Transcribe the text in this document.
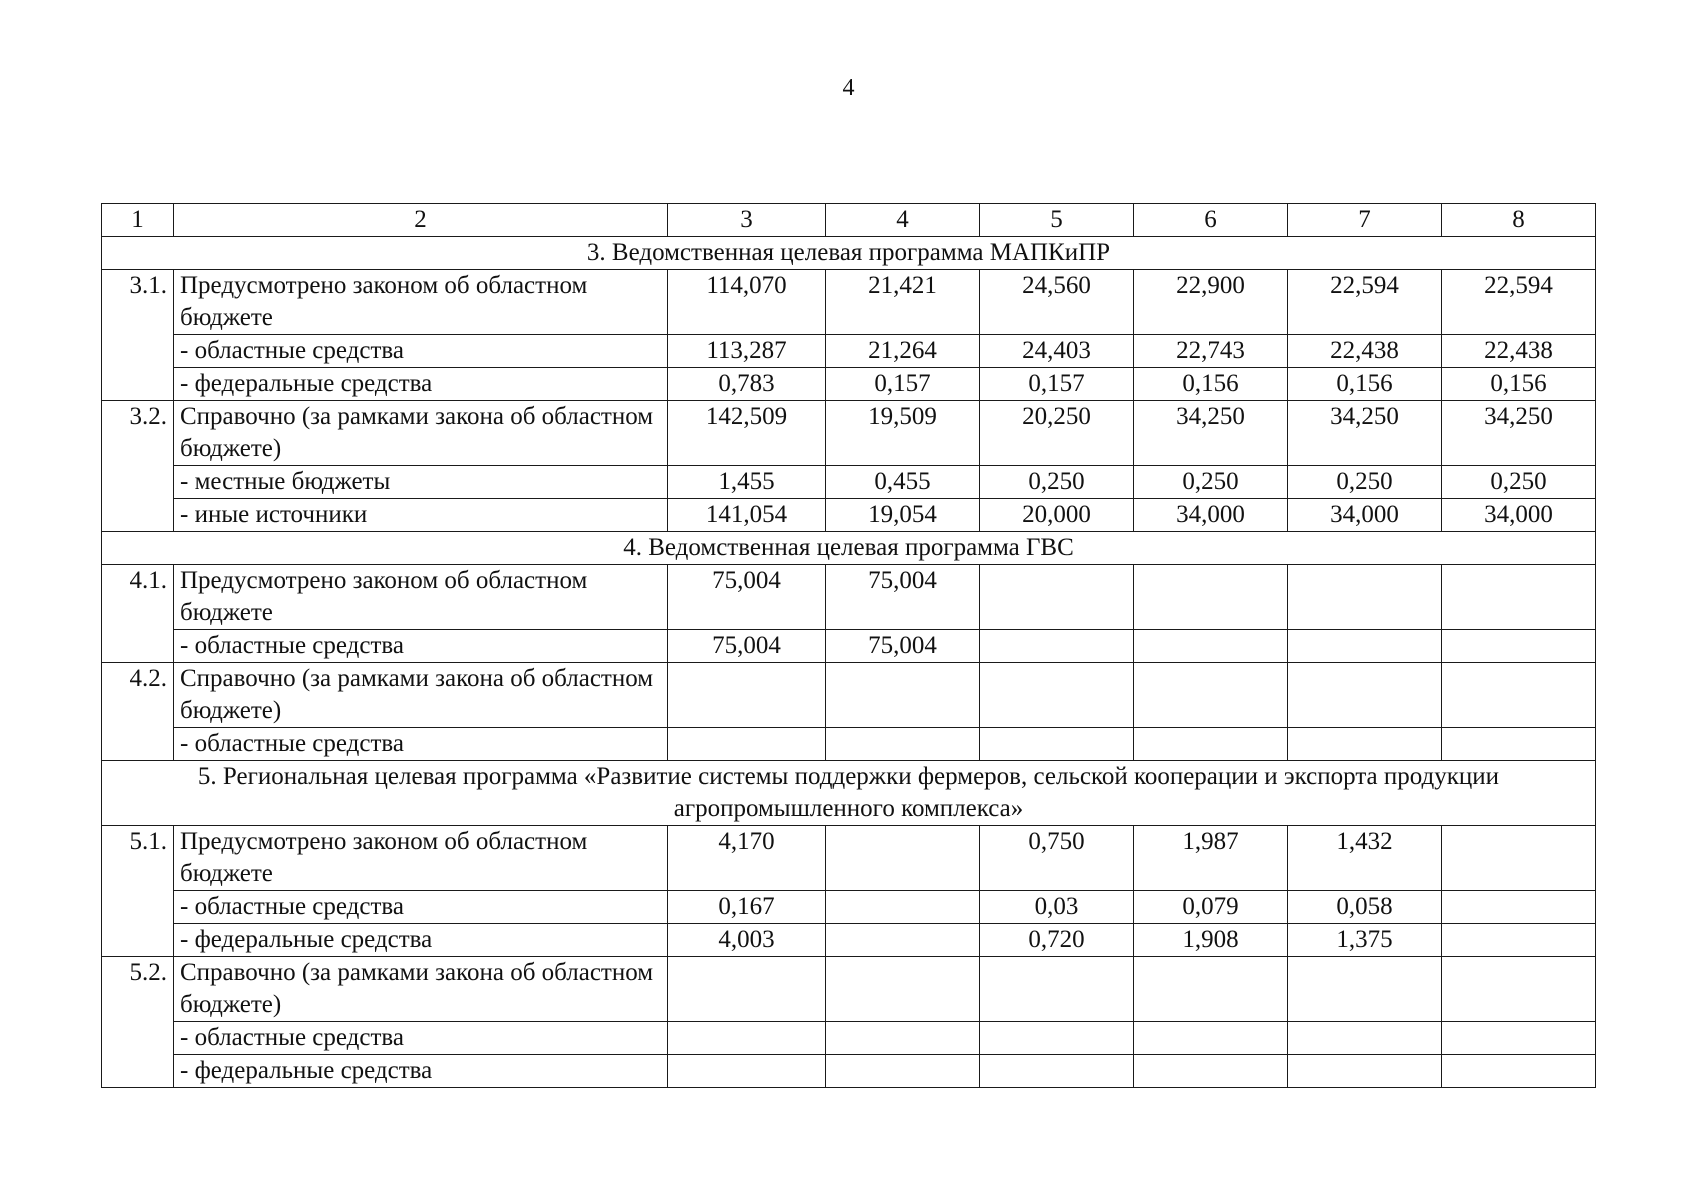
4
1	2	3	4	5	6	7	8
3. Ведомственная целевая программа МАПКиПР							
3.1.	Предусмотрено законом об областном бюджете	114,070	21,421	24,560	22,900	22,594	22,594
	- областные средства	113,287	21,264	24,403	22,743	22,438	22,438
	- федеральные средства	0,783	0,157	0,157	0,156	0,156	0,156
3.2.	Справочно (за рамками закона об областном бюджете)	142,509	19,509	20,250	34,250	34,250	34,250
	- местные бюджеты	1,455	0,455	0,250	0,250	0,250	0,250
	- иные источники	141,054	19,054	20,000	34,000	34,000	34,000
4. Ведомственная целевая программа ГВС							
4.1.	Предусмотрено законом об областном бюджете	75,004	75,004				
	- областные средства	75,004	75,004				
4.2.	Справочно (за рамками закона об областном бюджете)						
	- областные средства						
5. Региональная целевая программа «Развитие системы поддержки фермеров, сельской кооперации и экспорта продукции агропромышленного комплекса»							
5.1.	Предусмотрено законом об областном бюджете	4,170		0,750	1,987	1,432	
	- областные средства	0,167		0,03	0,079	0,058	
	- федеральные средства	4,003		0,720	1,908	1,375	
5.2.	Справочно (за рамками закона об областном бюджете)						
	- областные средства						
	- федеральные средства						
